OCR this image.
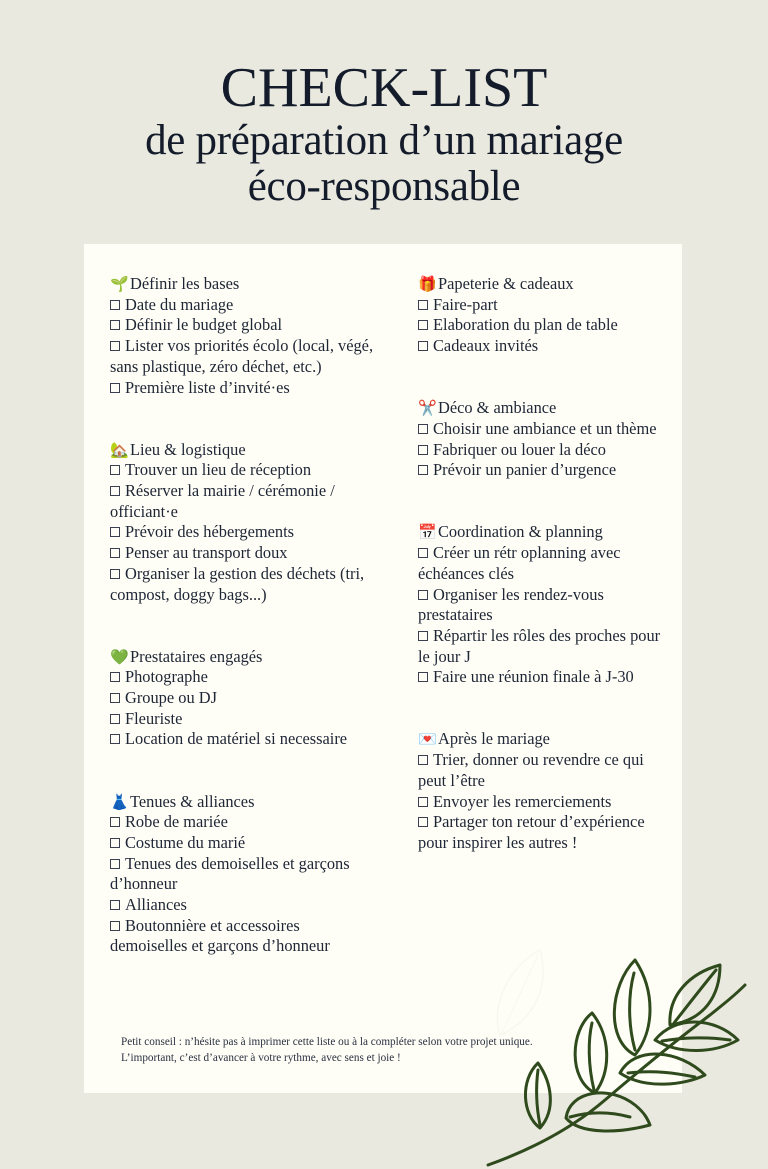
CHECK-LIST
de préparation d’un mariage
éco-responsable
🌱Définir les bases
Date du mariage
Définir le budget global
Lister vos priorités écolo (local, végé, sans plastique, zéro déchet, etc.)
Première liste d’invité·es
🏡Lieu & logistique
Trouver un lieu de réception
Réserver la mairie / cérémonie / officiant·e
Prévoir des hébergements
Penser au transport doux
Organiser la gestion des déchets (tri, compost, doggy bags...)
💚Prestataires engagés
Photographe
Groupe ou DJ
Fleuriste
Location de matériel si necessaire
👗Tenues & alliances
Robe de mariée
Costume du marié
Tenues des demoiselles et garçons d’honneur
Alliances
Boutonnière et accessoires demoiselles et garçons d’honneur
🎁Papeterie & cadeaux
Faire-part
Elaboration du plan de table
Cadeaux invités
✂️Déco & ambiance
Choisir une ambiance et un thème
Fabriquer ou louer la déco
Prévoir un panier d’urgence
📅Coordination & planning
Créer un rétr oplanning avec échéances clés
Organiser les rendez-vous prestataires
Répartir les rôles des proches pour le jour J
Faire une réunion finale à J-30
💌Après le mariage
Trier, donner ou revendre ce qui peut l’être
Envoyer les remerciements
Partager ton retour d’expérience pour inspirer les autres !

Petit conseil : n’hésite pas à imprimer cette liste ou à la compléter selon votre projet unique. L’important, c’est d’avancer à votre rythme, avec sens et joie !
